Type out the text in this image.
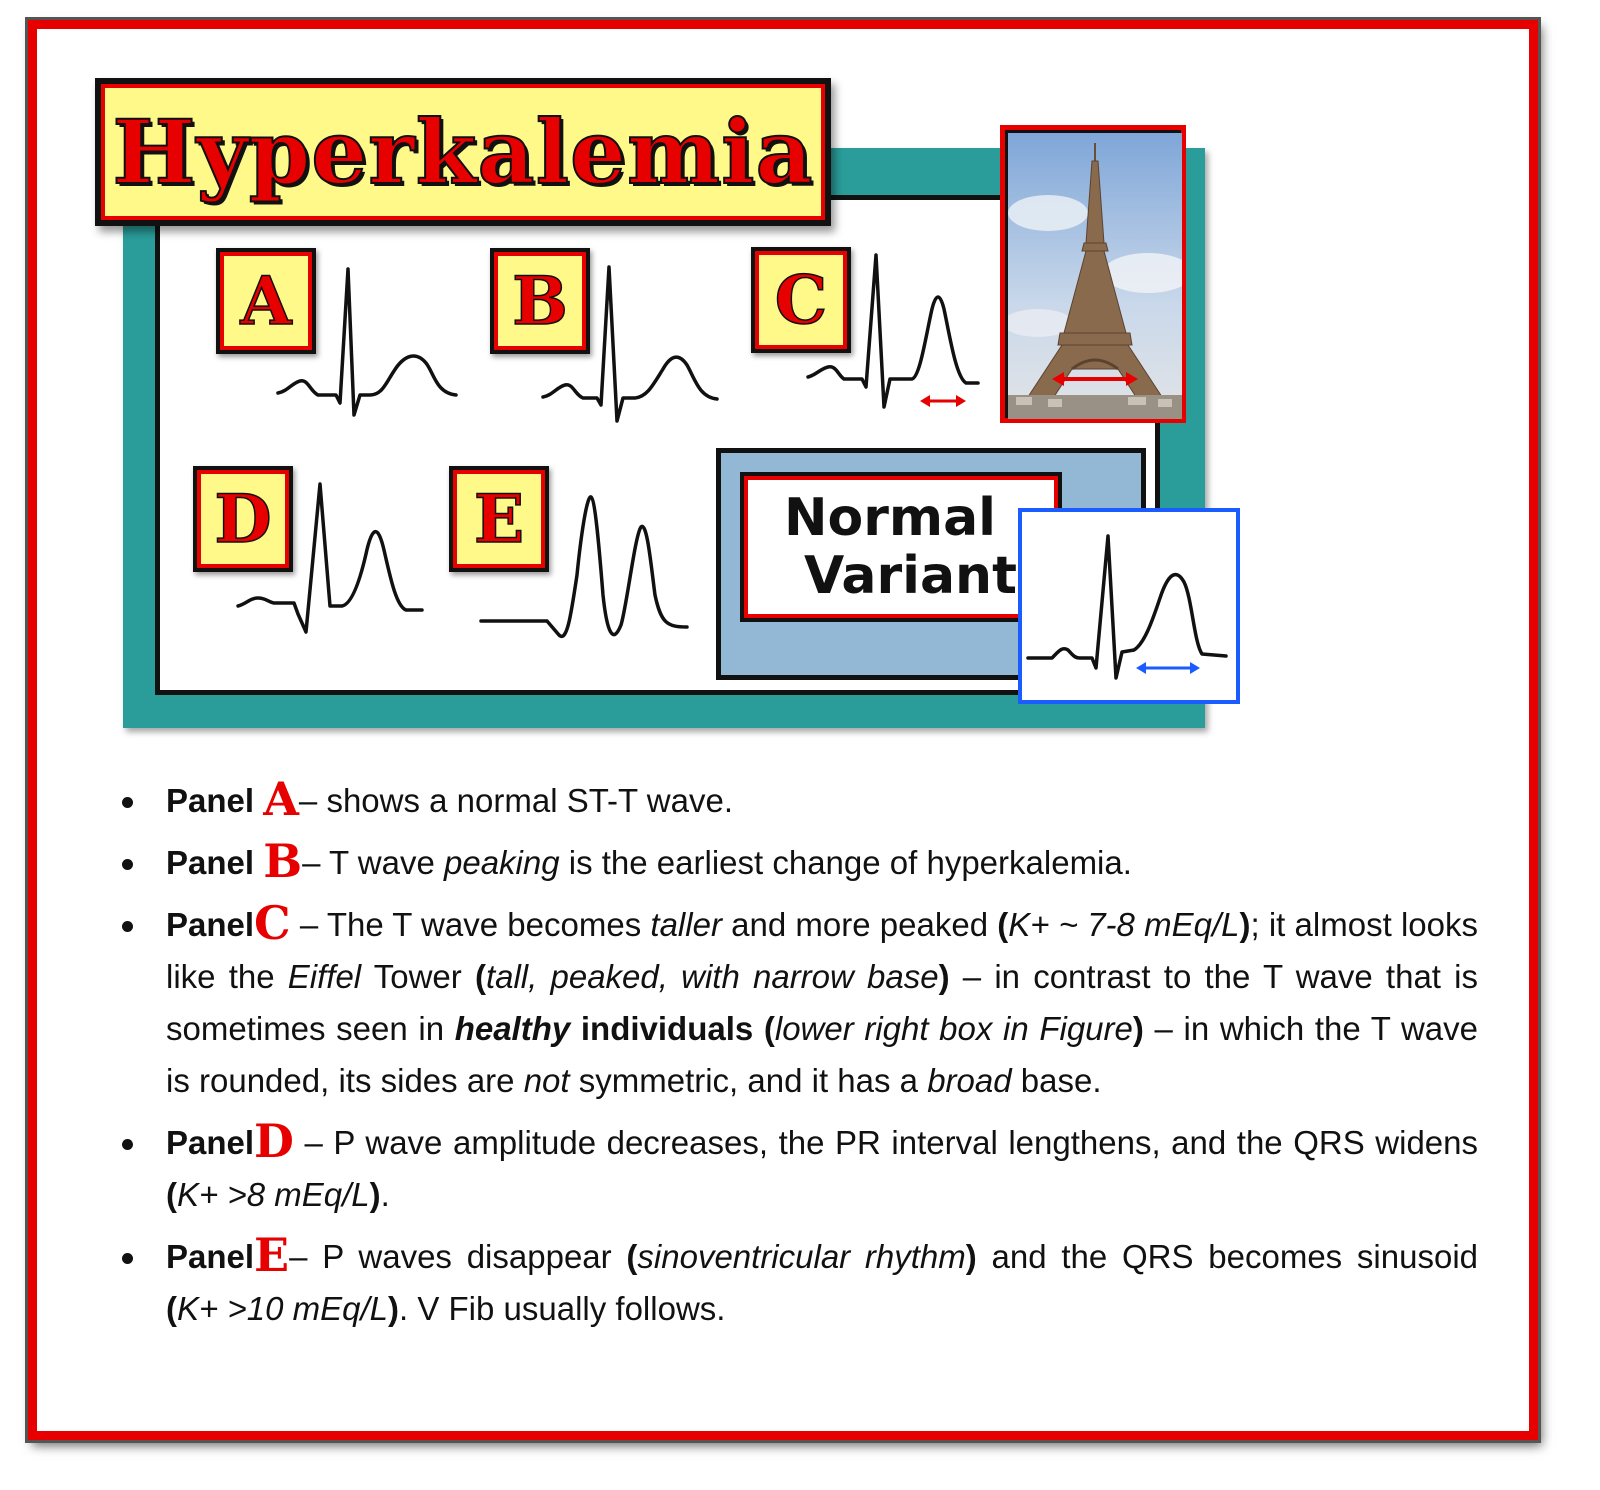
Hyperkalemia
A	B	C
D	E	Normal
Variant
Panel A– shows a normal ST-T wave.
Panel B– T wave peaking is the earliest change of hyperkalemia.
PanelC – The T wave becomes taller and more peaked (K+ ~ 7-8 mEq/L); it almost looks like the Eiffel Tower (tall, peaked, with narrow base) – in contrast to the T wave that is sometimes seen in healthy individuals (lower right box in Figure) – in which the T wave is rounded, its sides are not symmetric, and it has a broad base.
PanelD – P wave amplitude decreases, the PR interval lengthens, and the QRS widens (K+ >8 mEq/L).
PanelE– P waves disappear (sinoventricular rhythm) and the QRS becomes sinusoid (K+ >10 mEq/L). V Fib usually follows.
